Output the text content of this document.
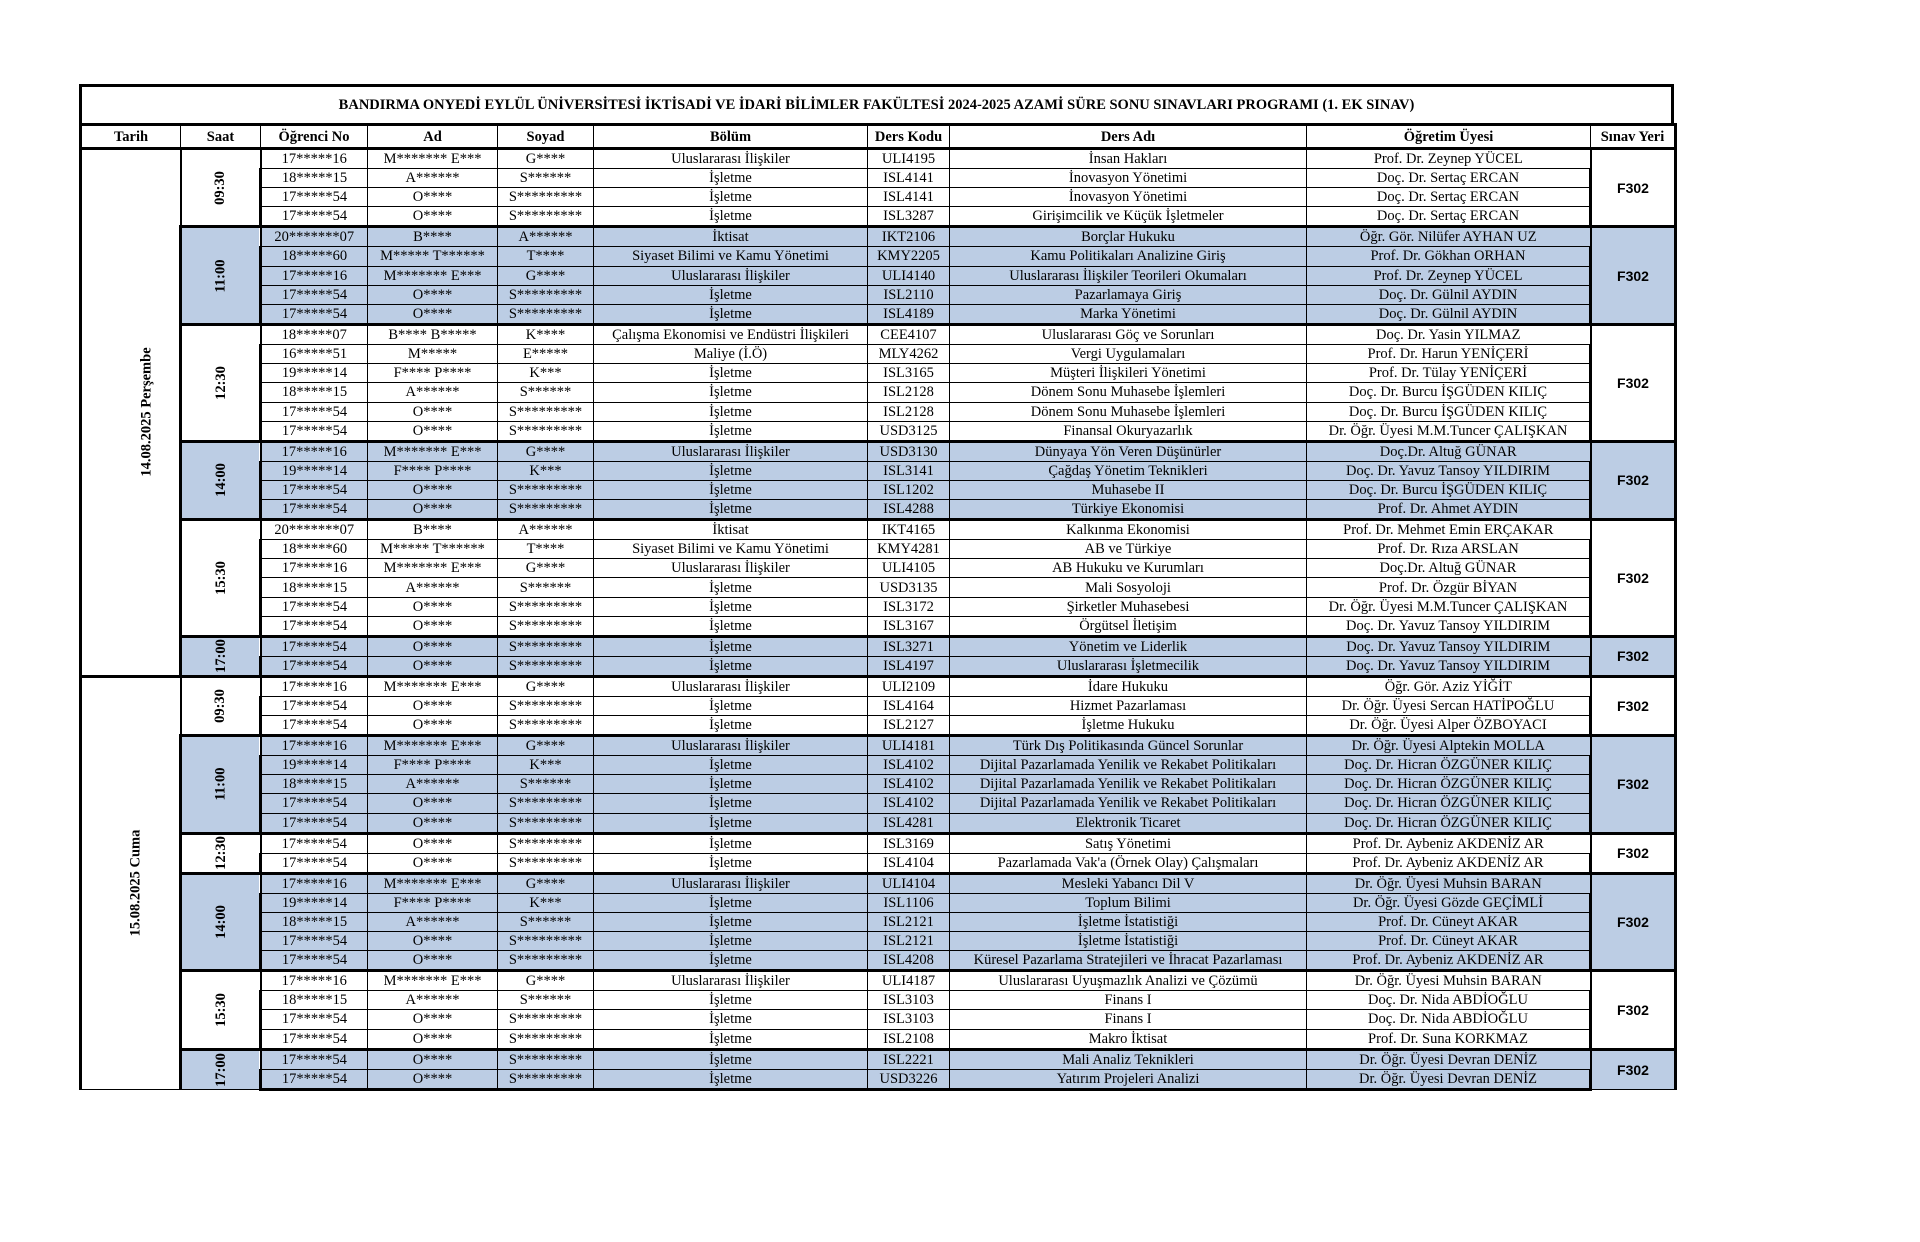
BANDIRMA ONYEDİ EYLÜL ÜNİVERSİTESİ İKTİSADİ VE İDARİ BİLİMLER FAKÜLTESİ 2024-2025 AZAMİ SÜRE SONU SINAVLARI PROGRAMI (1. EK SINAV)
Tarih	Saat	Öğrenci No	Ad	Soyad	Bölüm	Ders Kodu	Ders Adı	Öğretim Üyesi	Sınav Yeri
14.08.2025 Perşembe	09:30	17*****16	M******* E***	G****	Uluslararası İlişkiler	ULI4195	İnsan Hakları	Prof. Dr. Zeynep YÜCEL	F302
		18*****15	A******	S******	İşletme	ISL4141	İnovasyon Yönetimi	Doç. Dr. Sertaç ERCAN	
		17*****54	O****	S*********	İşletme	ISL4141	İnovasyon Yönetimi	Doç. Dr. Sertaç ERCAN	
		17*****54	O****	S*********	İşletme	ISL3287	Girişimcilik ve Küçük İşletmeler	Doç. Dr. Sertaç ERCAN	
	11:00	20*******07	B****	A******	İktisat	IKT2106	Borçlar Hukuku	Öğr. Gör. Nilüfer AYHAN UZ	F302
		18*****60	M***** T******	T****	Siyaset Bilimi ve Kamu Yönetimi	KMY2205	Kamu Politikaları Analizine Giriş	Prof. Dr. Gökhan ORHAN	
		17*****16	M******* E***	G****	Uluslararası İlişkiler	ULI4140	Uluslararası İlişkiler Teorileri Okumaları	Prof. Dr. Zeynep YÜCEL	
		17*****54	O****	S*********	İşletme	ISL2110	Pazarlamaya Giriş	Doç. Dr. Gülnil AYDIN	
		17*****54	O****	S*********	İşletme	ISL4189	Marka Yönetimi	Doç. Dr. Gülnil AYDIN	
	12:30	18*****07	B**** B*****	K****	Çalışma Ekonomisi ve Endüstri İlişkileri	CEE4107	Uluslararası Göç ve Sorunları	Doç. Dr. Yasin YILMAZ	F302
		16*****51	M*****	E*****	Maliye (İ.Ö)	MLY4262	Vergi Uygulamaları	Prof. Dr. Harun YENİÇERİ	
		19*****14	F**** P****	K***	İşletme	ISL3165	Müşteri İlişkileri Yönetimi	Prof. Dr. Tülay YENİÇERİ	
		18*****15	A******	S******	İşletme	ISL2128	Dönem Sonu Muhasebe İşlemleri	Doç. Dr. Burcu İŞGÜDEN KILIÇ	
		17*****54	O****	S*********	İşletme	ISL2128	Dönem Sonu Muhasebe İşlemleri	Doç. Dr. Burcu İŞGÜDEN KILIÇ	
		17*****54	O****	S*********	İşletme	USD3125	Finansal Okuryazarlık	Dr. Öğr. Üyesi M.M.Tuncer ÇALIŞKAN	
	14:00	17*****16	M******* E***	G****	Uluslararası İlişkiler	USD3130	Dünyaya Yön Veren Düşünürler	Doç.Dr. Altuğ GÜNAR	F302
		19*****14	F**** P****	K***	İşletme	ISL3141	Çağdaş Yönetim Teknikleri	Doç. Dr. Yavuz Tansoy YILDIRIM	
		17*****54	O****	S*********	İşletme	ISL1202	Muhasebe II	Doç. Dr. Burcu İŞGÜDEN KILIÇ	
		17*****54	O****	S*********	İşletme	ISL4288	Türkiye Ekonomisi	Prof. Dr. Ahmet AYDIN	
	15:30	20*******07	B****	A******	İktisat	IKT4165	Kalkınma Ekonomisi	Prof. Dr. Mehmet Emin ERÇAKAR	F302
		18*****60	M***** T******	T****	Siyaset Bilimi ve Kamu Yönetimi	KMY4281	AB ve Türkiye	Prof. Dr. Rıza ARSLAN	
		17*****16	M******* E***	G****	Uluslararası İlişkiler	ULI4105	AB Hukuku ve Kurumları	Doç.Dr. Altuğ GÜNAR	
		18*****15	A******	S******	İşletme	USD3135	Mali Sosyoloji	Prof. Dr. Özgür BİYAN	
		17*****54	O****	S*********	İşletme	ISL3172	Şirketler Muhasebesi	Dr. Öğr. Üyesi M.M.Tuncer ÇALIŞKAN	
		17*****54	O****	S*********	İşletme	ISL3167	Örgütsel İletişim	Doç. Dr. Yavuz Tansoy YILDIRIM	
	17:00	17*****54	O****	S*********	İşletme	ISL3271	Yönetim ve Liderlik	Doç. Dr. Yavuz Tansoy YILDIRIM	F302
		17*****54	O****	S*********	İşletme	ISL4197	Uluslararası İşletmecilik	Doç. Dr. Yavuz Tansoy YILDIRIM	
15.08.2025 Cuma	09:30	17*****16	M******* E***	G****	Uluslararası İlişkiler	ULI2109	İdare Hukuku	Öğr. Gör. Aziz YİĞİT	F302
		17*****54	O****	S*********	İşletme	ISL4164	Hizmet Pazarlaması	Dr. Öğr. Üyesi Sercan HATİPOĞLU	
		17*****54	O****	S*********	İşletme	ISL2127	İşletme Hukuku	Dr. Öğr. Üyesi Alper ÖZBOYACI	
	11:00	17*****16	M******* E***	G****	Uluslararası İlişkiler	ULI4181	Türk Dış Politikasında Güncel Sorunlar	Dr. Öğr. Üyesi Alptekin MOLLA	F302
		19*****14	F**** P****	K***	İşletme	ISL4102	Dijital Pazarlamada Yenilik ve Rekabet Politikaları	Doç. Dr. Hicran ÖZGÜNER KILIÇ	
		18*****15	A******	S******	İşletme	ISL4102	Dijital Pazarlamada Yenilik ve Rekabet Politikaları	Doç. Dr. Hicran ÖZGÜNER KILIÇ	
		17*****54	O****	S*********	İşletme	ISL4102	Dijital Pazarlamada Yenilik ve Rekabet Politikaları	Doç. Dr. Hicran ÖZGÜNER KILIÇ	
		17*****54	O****	S*********	İşletme	ISL4281	Elektronik Ticaret	Doç. Dr. Hicran ÖZGÜNER KILIÇ	
	12:30	17*****54	O****	S*********	İşletme	ISL3169	Satış Yönetimi	Prof. Dr. Aybeniz AKDENİZ AR	F302
		17*****54	O****	S*********	İşletme	ISL4104	Pazarlamada Vak'a (Örnek Olay) Çalışmaları	Prof. Dr. Aybeniz AKDENİZ AR	
	14:00	17*****16	M******* E***	G****	Uluslararası İlişkiler	ULI4104	Mesleki Yabancı Dil V	Dr. Öğr. Üyesi Muhsin BARAN	F302
		19*****14	F**** P****	K***	İşletme	ISL1106	Toplum Bilimi	Dr. Öğr. Üyesi Gözde GEÇİMLİ	
		18*****15	A******	S******	İşletme	ISL2121	İşletme İstatistiği	Prof. Dr. Cüneyt AKAR	
		17*****54	O****	S*********	İşletme	ISL2121	İşletme İstatistiği	Prof. Dr. Cüneyt AKAR	
		17*****54	O****	S*********	İşletme	ISL4208	Küresel Pazarlama Stratejileri ve İhracat Pazarlaması	Prof. Dr. Aybeniz AKDENİZ AR	
	15:30	17*****16	M******* E***	G****	Uluslararası İlişkiler	ULI4187	Uluslararası Uyuşmazlık Analizi ve Çözümü	Dr. Öğr. Üyesi Muhsin BARAN	F302
		18*****15	A******	S******	İşletme	ISL3103	Finans I	Doç. Dr. Nida ABDİOĞLU	
		17*****54	O****	S*********	İşletme	ISL3103	Finans I	Doç. Dr. Nida ABDİOĞLU	
		17*****54	O****	S*********	İşletme	ISL2108	Makro İktisat	Prof. Dr. Suna KORKMAZ	
	17:00	17*****54	O****	S*********	İşletme	ISL2221	Mali Analiz Teknikleri	Dr. Öğr. Üyesi Devran DENİZ	F302
		17*****54	O****	S*********	İşletme	USD3226	Yatırım Projeleri Analizi	Dr. Öğr. Üyesi Devran DENİZ	
